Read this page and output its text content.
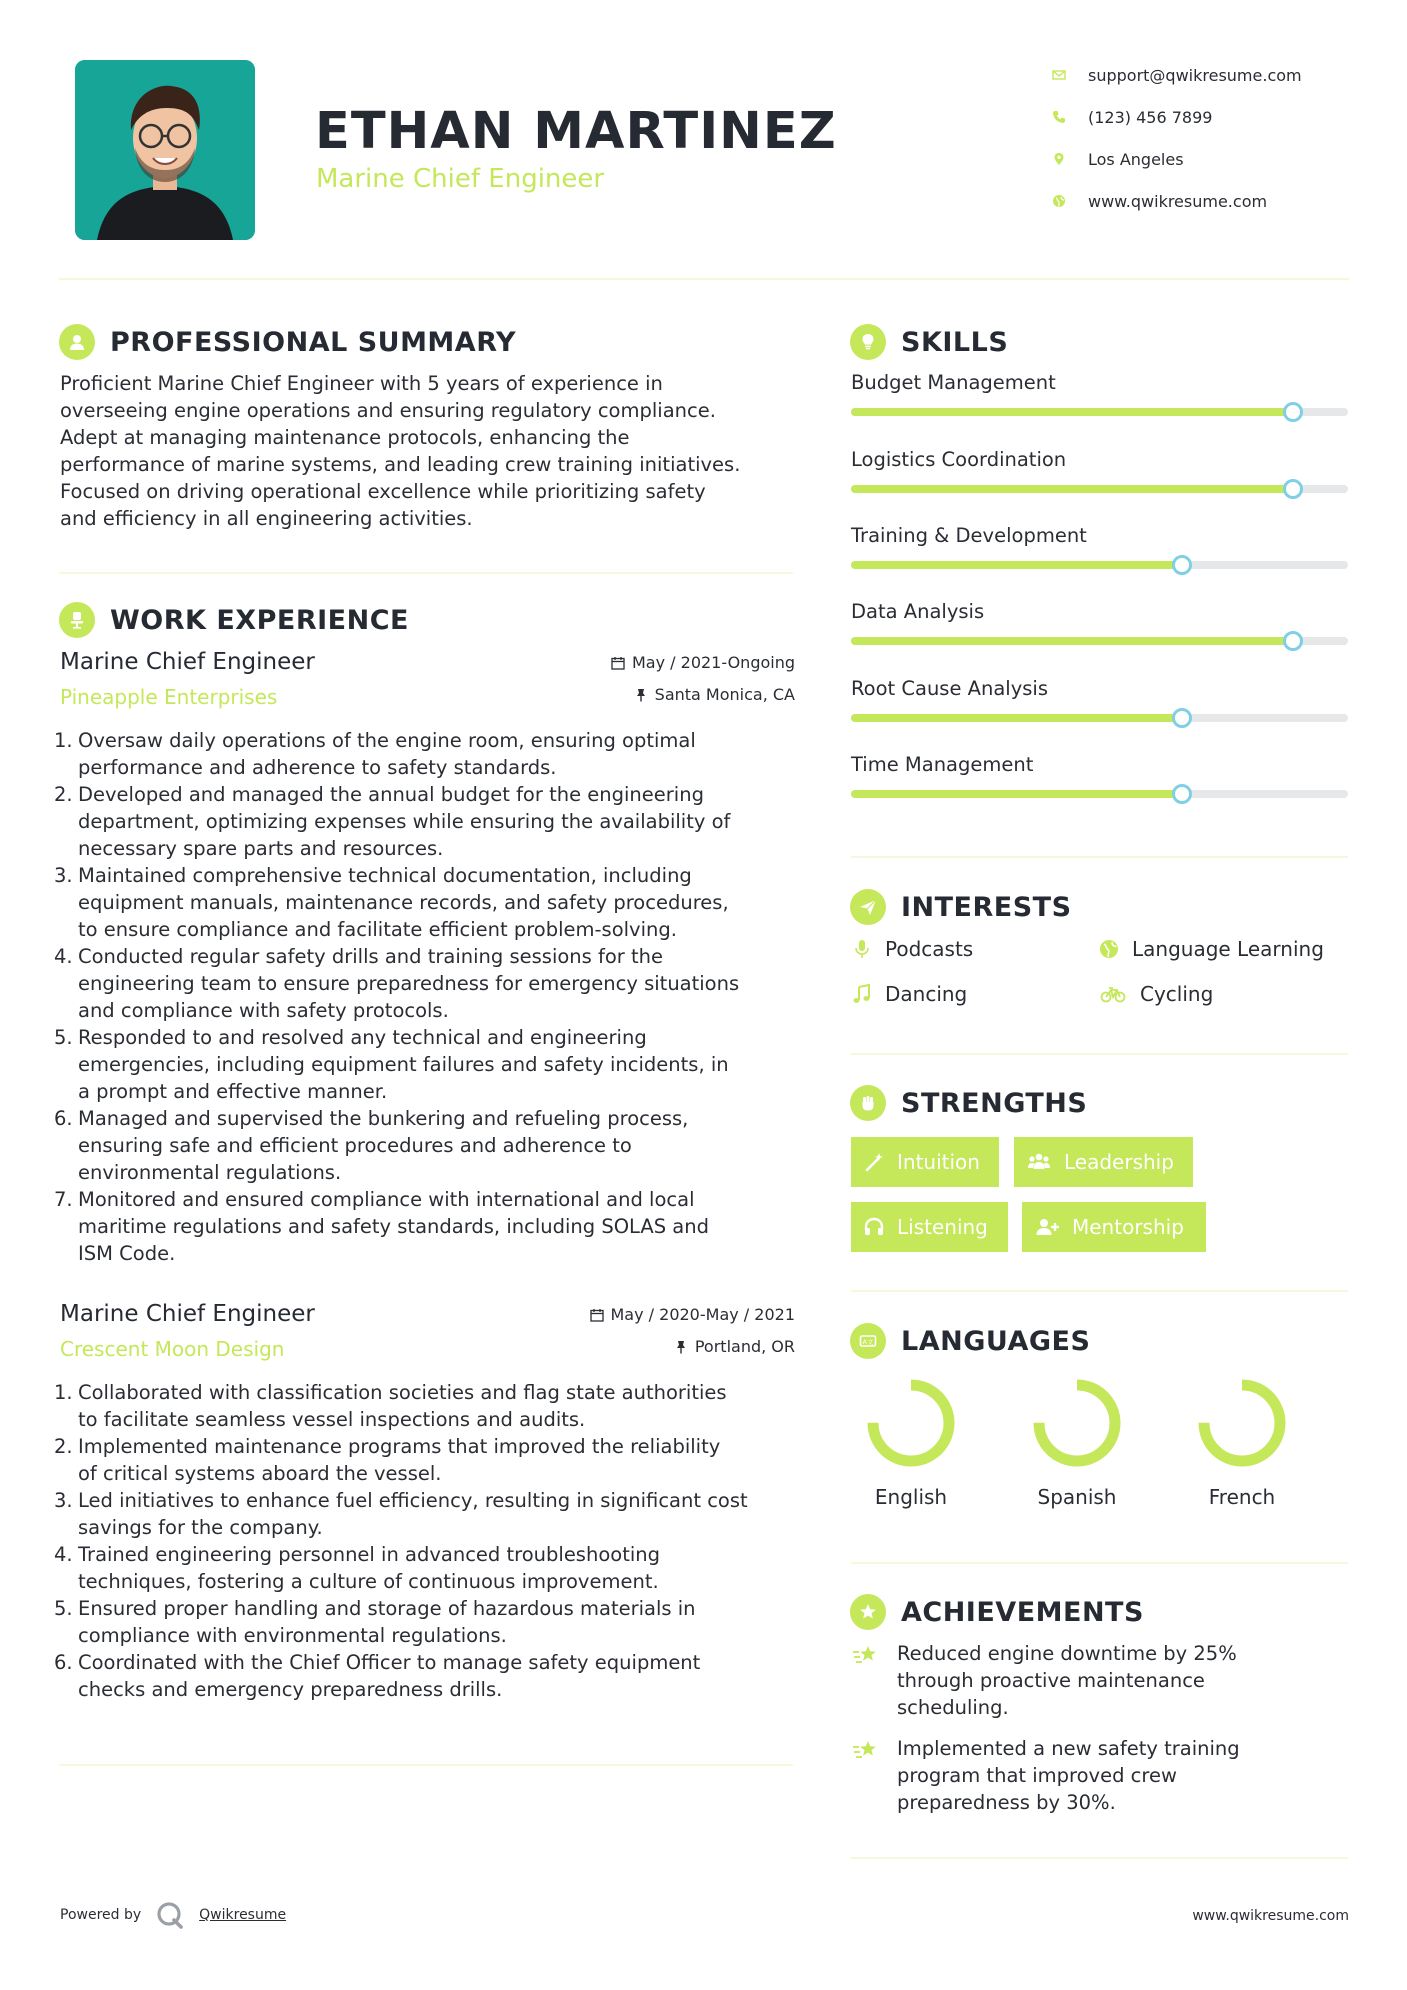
ETHAN MARTINEZ
Marine Chief Engineer
support@qwikresume.com
(123) 456 7899
Los Angeles
www.qwikresume.com
PROFESSIONAL SUMMARY
Proficient Marine Chief Engineer with 5 years of experience in
overseeing engine operations and ensuring regulatory compliance.
Adept at managing maintenance protocols, enhancing the
performance of marine systems, and leading crew training initiatives.
Focused on driving operational excellence while prioritizing safety
and efficiency in all engineering activities.
WORK EXPERIENCE
Marine Chief Engineer
Pineapple Enterprises
May / 2021-Ongoing
Santa Monica, CA
1. Oversaw daily operations of the engine room, ensuring optimal
performance and adherence to safety standards.
2. Developed and managed the annual budget for the engineering
department, optimizing expenses while ensuring the availability of
necessary spare parts and resources.
3. Maintained comprehensive technical documentation, including
equipment manuals, maintenance records, and safety procedures,
to ensure compliance and facilitate efficient problem-solving.
4. Conducted regular safety drills and training sessions for the
engineering team to ensure preparedness for emergency situations
and compliance with safety protocols.
5. Responded to and resolved any technical and engineering
emergencies, including equipment failures and safety incidents, in
a prompt and effective manner.
6. Managed and supervised the bunkering and refueling process,
ensuring safe and efficient procedures and adherence to
environmental regulations.
7. Monitored and ensured compliance with international and local
maritime regulations and safety standards, including SOLAS and
ISM Code.
Marine Chief Engineer
Crescent Moon Design
May / 2020-May / 2021
Portland, OR
1. Collaborated with classification societies and flag state authorities
to facilitate seamless vessel inspections and audits.
2. Implemented maintenance programs that improved the reliability
of critical systems aboard the vessel.
3. Led initiatives to enhance fuel efficiency, resulting in significant cost
savings for the company.
4. Trained engineering personnel in advanced troubleshooting
techniques, fostering a culture of continuous improvement.
5. Ensured proper handling and storage of hazardous materials in
compliance with environmental regulations.
6. Coordinated with the Chief Officer to manage safety equipment
checks and emergency preparedness drills.
SKILLS
Budget Management
Logistics Coordination
Training & Development
Data Analysis
Root Cause Analysis
Time Management
INTERESTS
Podcasts	Language Learning
Dancing	Cycling
STRENGTHS
Intuition	Leadership
Listening	Mentorship
A文 LANGUAGES
English	Spanish	French
ACHIEVEMENTS
Reduced engine downtime by 25%
through proactive maintenance
scheduling.
Implemented a new safety training
program that improved crew
preparedness by 30%.
Powered by	Qwikresume	www.qwikresume.com
